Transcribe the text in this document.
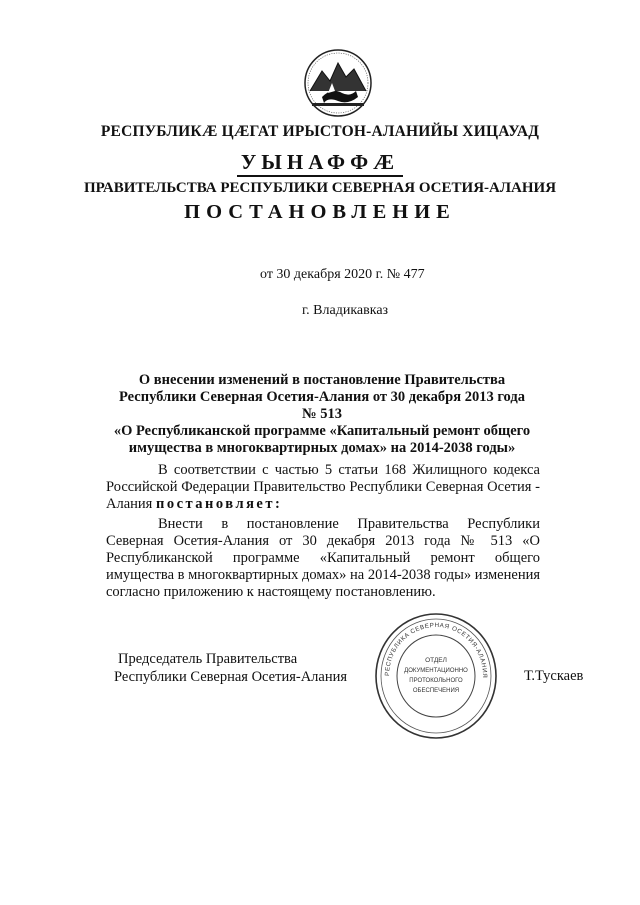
РЕСПУБЛИКÆ ЦÆГАТ ИРЫСТОН-АЛАНИЙЫ ХИЦАУАД
УЫНАФФÆ
ПРАВИТЕЛЬСТВА РЕСПУБЛИКИ СЕВЕРНАЯ ОСЕТИЯ-АЛАНИЯ
ПОСТАНОВЛЕНИЕ
от 30 декабря 2020 г. № 477
г. Владикавказ
О внесении изменений в постановление Правительства
Республики Северная Осетия-Алания от 30 декабря 2013 года № 513
«О Республиканской программе «Капитальный ремонт общего
имущества в многоквартирных домах» на 2014-2038 годы»
В соответствии с частью 5 статьи 168 Жилищного кодекса Российской Федерации Правительство Республики Северная Осетия - Алания постановляет:
Внести в постановление Правительства Республики Северная Осетия-Алания от 30 декабря 2013 года № 513 «О Республиканской программе «Капитальный ремонт общего имущества в многоквартирных домах» на 2014-2038 годы» изменения согласно приложению к настоящему постановлению.
Председатель Правительства
Республики Северная Осетия-Алания	РЕСПУБЛИКА СЕВЕРНАЯ ОСЕТИЯ-АЛАНИЯ
ОТДЕЛ
ДОКУМЕНТАЦИОННО
ПРОТОКОЛЬНОГО
ОБЕСПЕЧЕНИЯ
Т.Тускаев
